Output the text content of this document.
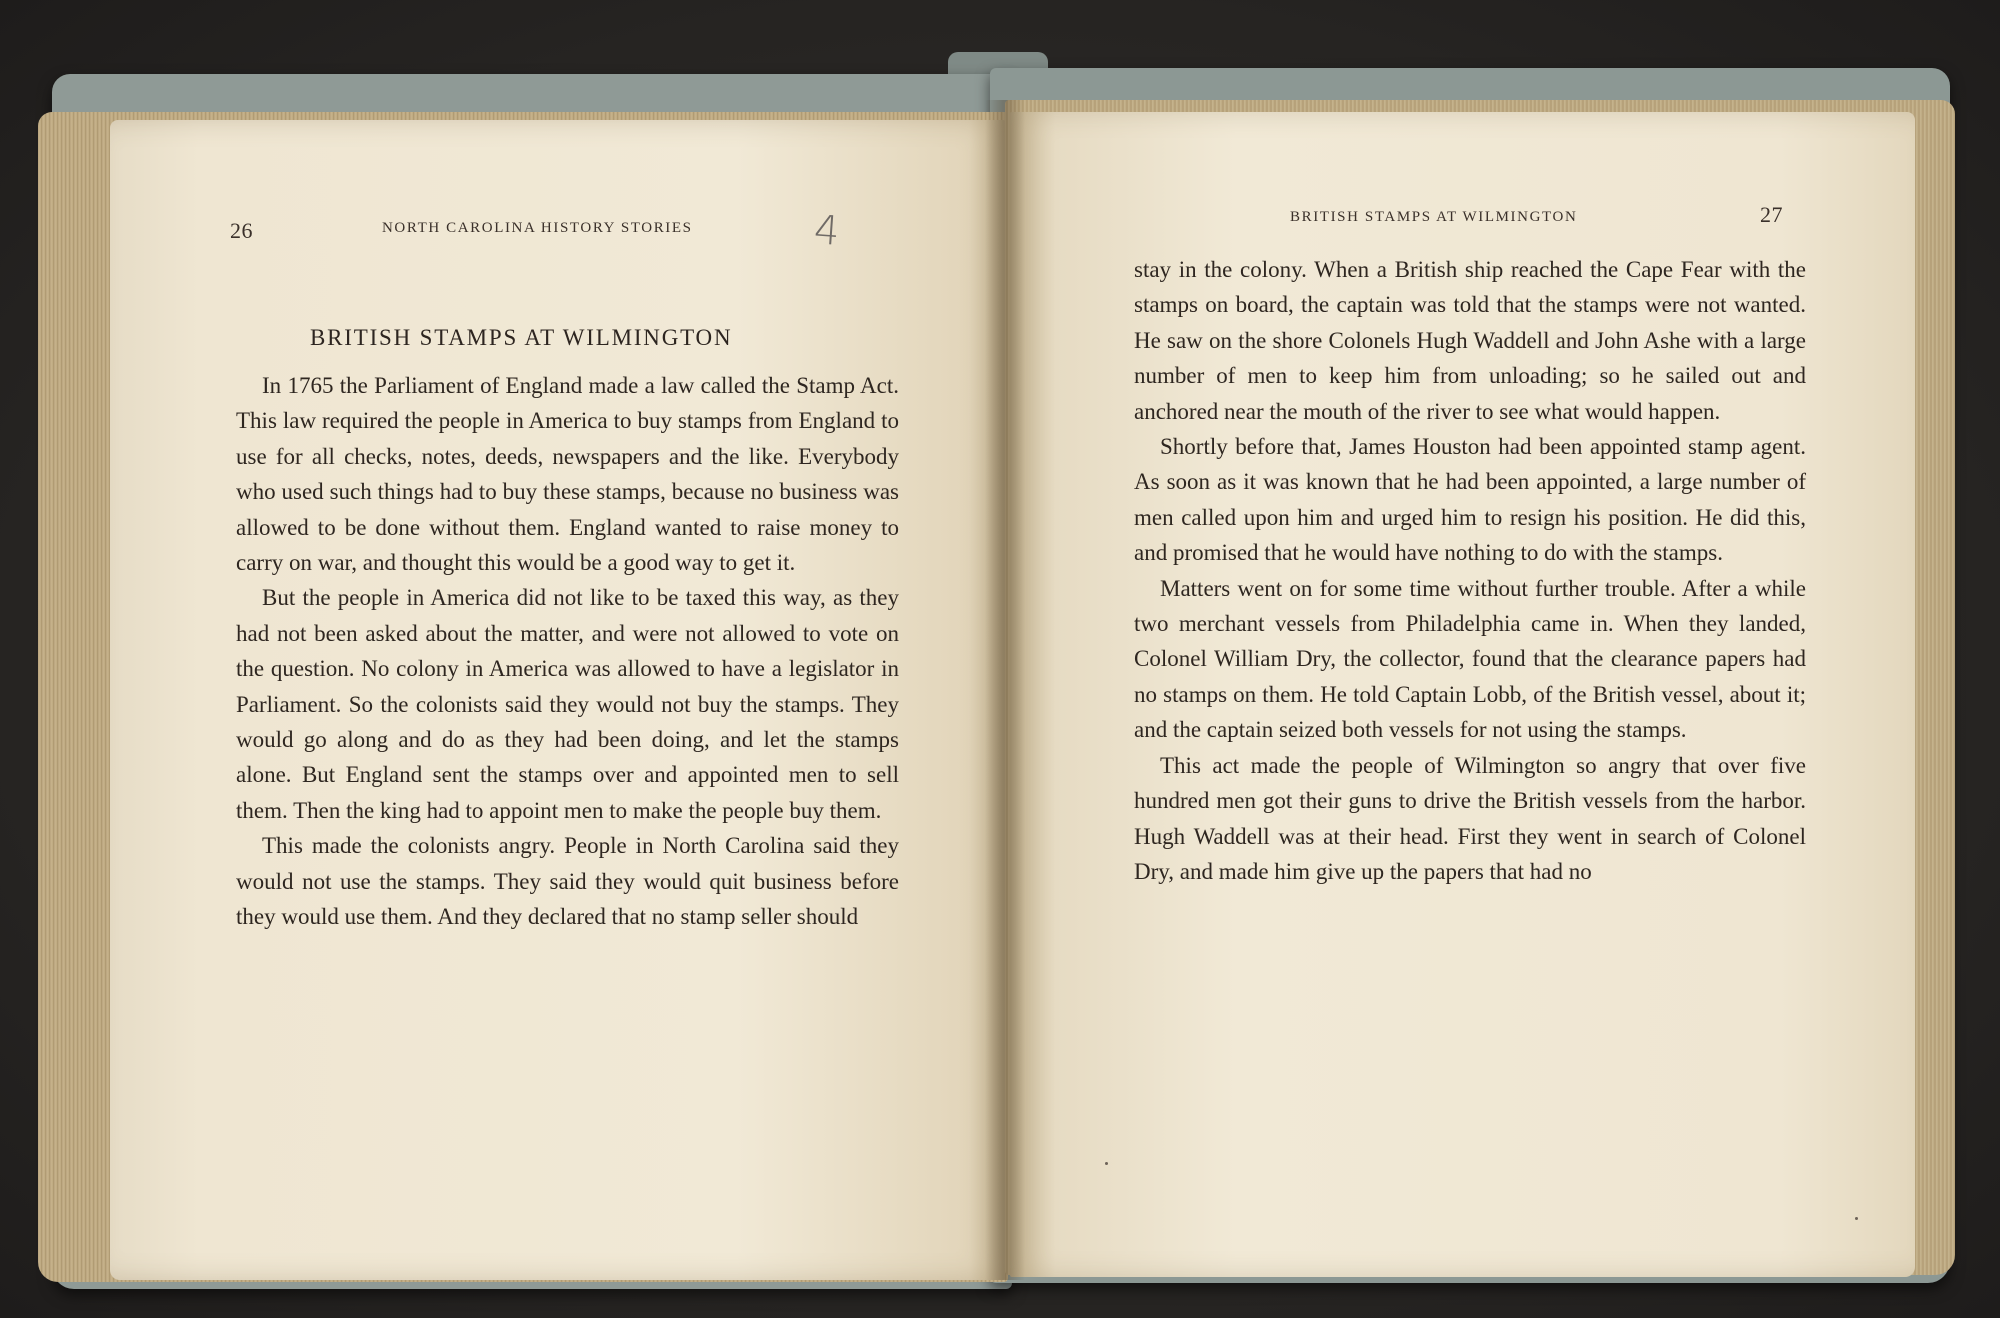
26	NORTH CAROLINA HISTORY STORIES	4
BRITISH STAMPS AT WILMINGTON

In 1765 the Parliament of England made a law called the Stamp Act. This law required the people in America to buy stamps from England to use for all checks, notes, deeds, newspapers and the like. Everybody who used such things had to buy these stamps, because no business was allowed to be done without them. England wanted to raise money to carry on war, and thought this would be a good way to get it.

But the people in America did not like to be taxed this way, as they had not been asked about the matter, and were not allowed to vote on the question. No colony in America was allowed to have a legislator in Parliament. So the colonists said they would not buy the stamps. They would go along and do as they had been doing, and let the stamps alone. But England sent the stamps over and appointed men to sell them. Then the king had to appoint men to make the people buy them.

This made the colonists angry. People in North Carolina said they would not use the stamps. They said they would quit business before they would use them. And they declared that no stamp seller should

BRITISH STAMPS AT WILMINGTON	27

stay in the colony. When a British ship reached the Cape Fear with the stamps on board, the captain was told that the stamps were not wanted. He saw on the shore Colonels Hugh Waddell and John Ashe with a large number of men to keep him from unloading; so he sailed out and anchored near the mouth of the river to see what would happen.

Shortly before that, James Houston had been appointed stamp agent. As soon as it was known that he had been appointed, a large number of men called upon him and urged him to resign his position. He did this, and promised that he would have nothing to do with the stamps.

Matters went on for some time without further trouble. After a while two merchant vessels from Philadelphia came in. When they landed, Colonel William Dry, the collector, found that the clearance papers had no stamps on them. He told Captain Lobb, of the British vessel, about it; and the captain seized both vessels for not using the stamps.

This act made the people of Wilmington so angry that over five hundred men got their guns to drive the British vessels from the harbor. Hugh Waddell was at their head. First they went in search of Colonel Dry, and made him give up the papers that had no
